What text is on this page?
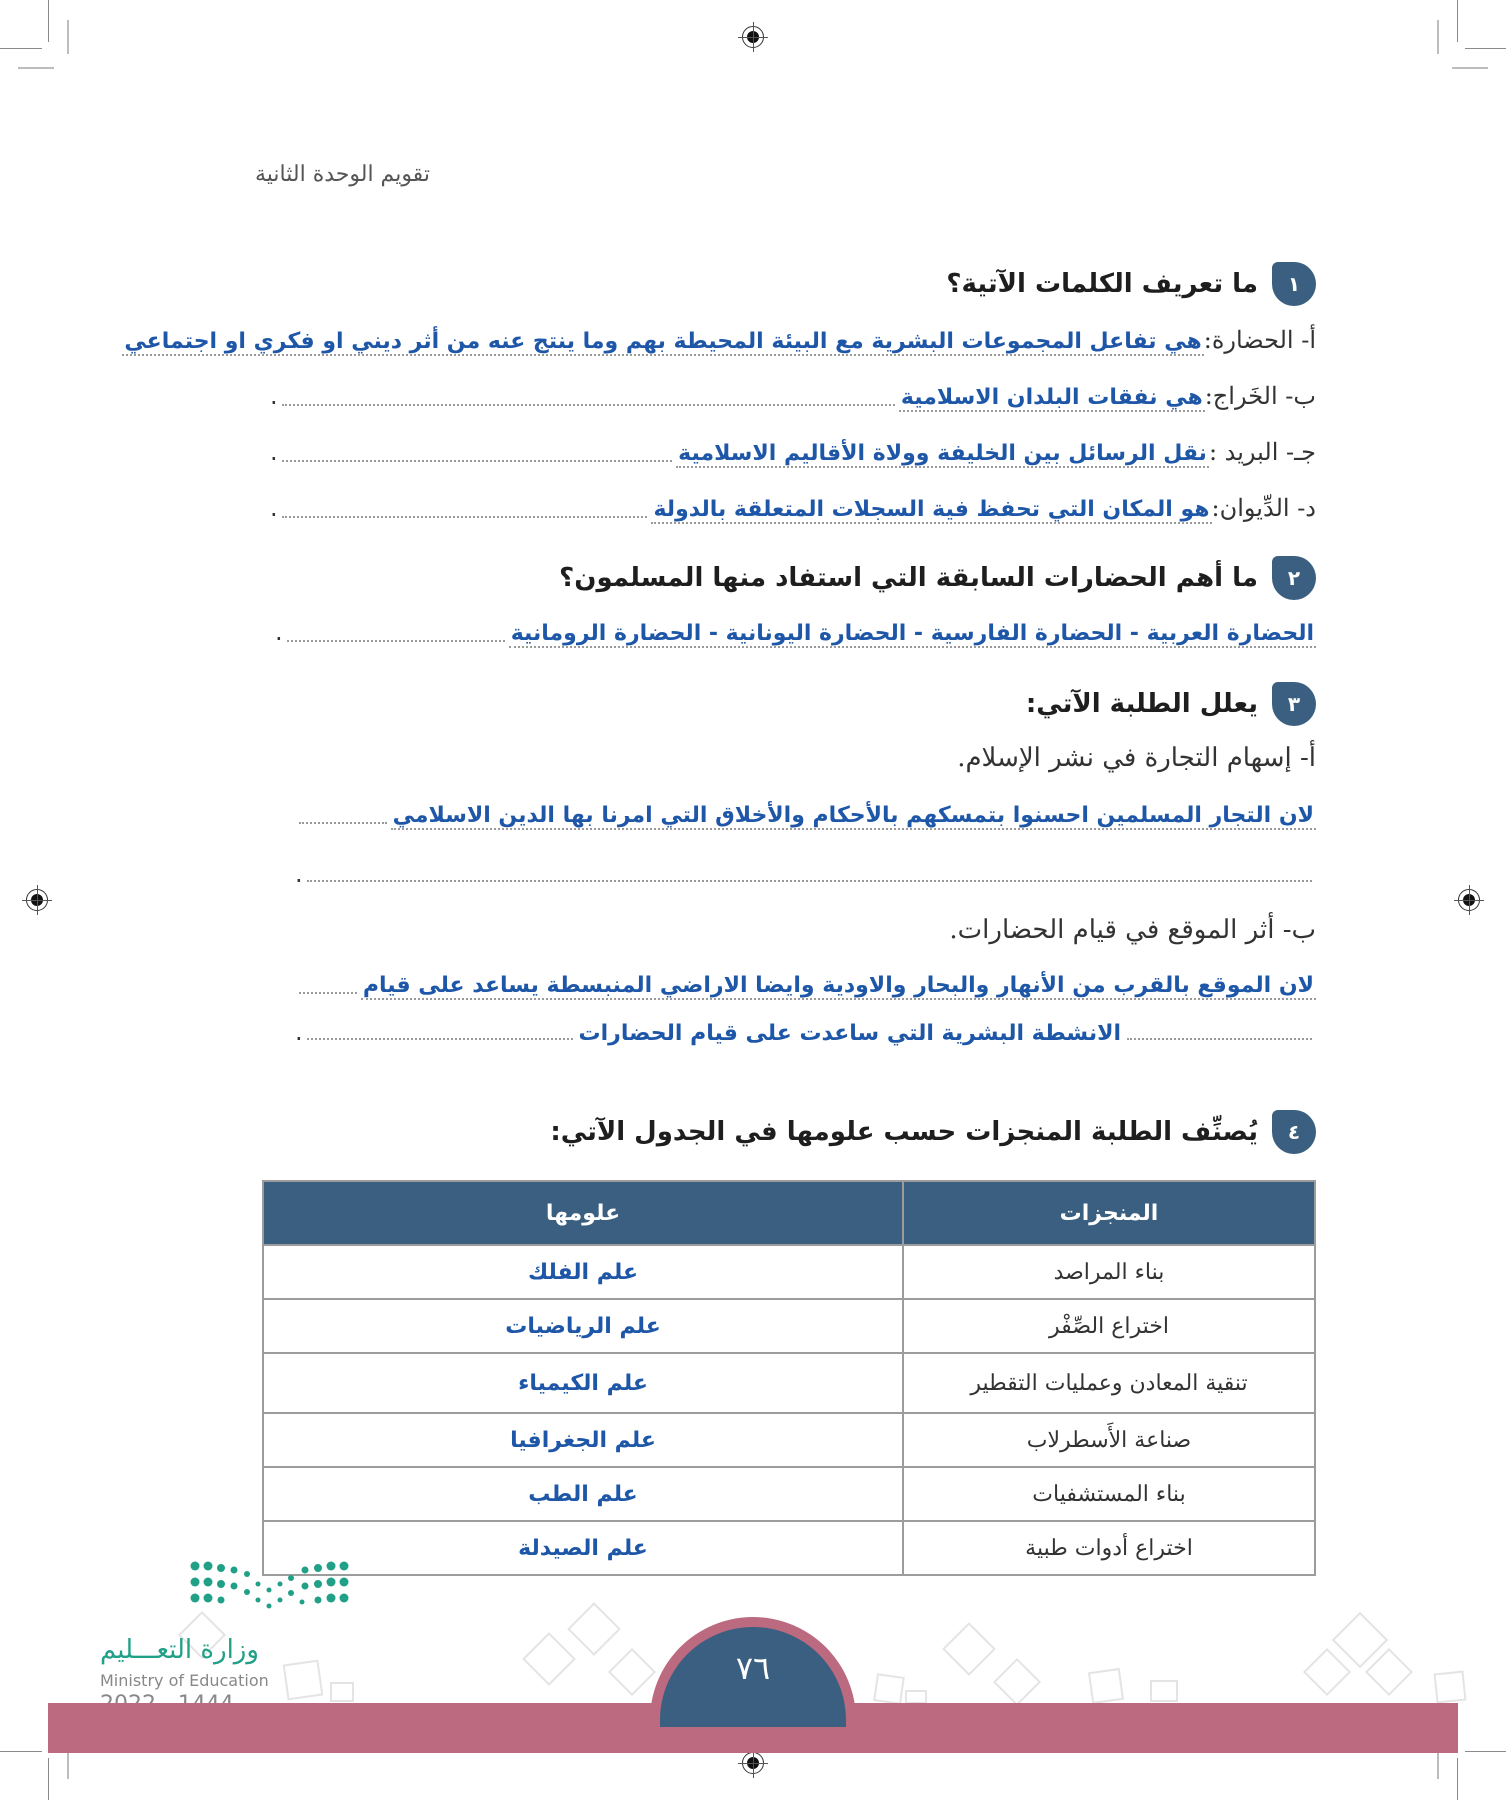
تقويم الوحدة الثانية
١
ما تعريف الكلمات الآتية؟
أ- الحضارة:
هي تفاعل المجموعات البشرية مع البيئة المحيطة بهم وما ينتج عنه من أثر ديني او فكري او اجتماعي
ب- الخَراج:
هي نفقات البلدان الاسلامية
.
جـ- البريد :
نقل الرسائل بين الخليفة وولاة الأقاليم الاسلامية
.
د- الدِّيوان:
هو المكان التي تحفظ فية السجلات المتعلقة بالدولة
.
٢
ما أهم الحضارات السابقة التي استفاد منها المسلمون؟
الحضارة العربية - الحضارة الفارسية - الحضارة اليونانية - الحضارة الرومانية
.
٣
يعلل الطلبة الآتي:
أ- إسهام التجارة في نشر الإسلام.
لان التجار المسلمين احسنوا بتمسكهم بالأحكام والأخلاق التي امرنا بها الدين الاسلامي
.
ب- أثر الموقع في قيام الحضارات.
لان الموقع بالقرب من الأنهار والبحار والاودية وايضا الاراضي المنبسطة يساعد على قيام
الانشطة البشرية التي ساعدت على قيام الحضارات
.
٤
يُصنِّف الطلبة المنجزات حسب علومها في الجدول الآتي:
المنجزات	علومها
بناء المراصد	علم الفلك
اختراع الصِّفْر	علم الرياضيات
تنقية المعادن وعمليات التقطير	علم الكيمياء
صناعة الأَسطرلاب	علم الجغرافيا
بناء المستشفيات	علم الطب
اختراع أدوات طبية	علم الصيدلة
وزارة التعـــليم
Ministry of Education	٧٦
